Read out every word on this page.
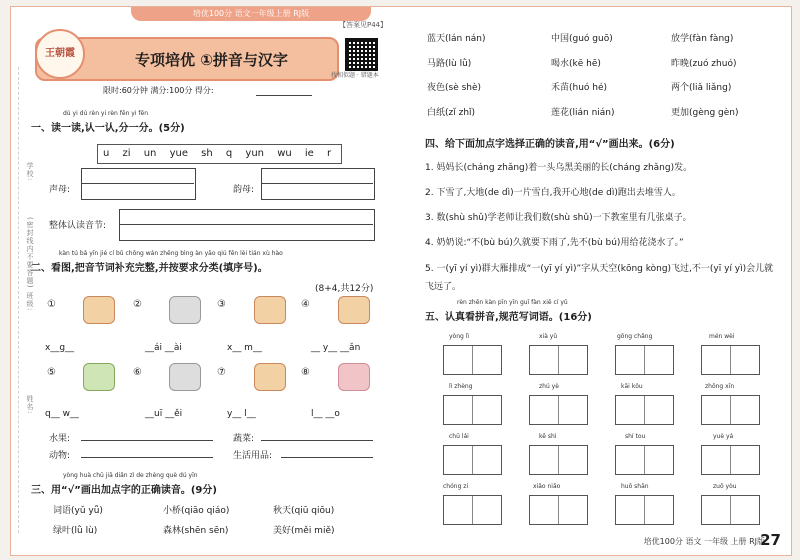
培优100分 语文一年级上册 RJ版
学校:
(密封线内不要答题)
班级:
姓名:
专项培优 ①拼音与汉字
王朝霞
【答案见P44】
找相似题 · 错题本
限时:60分钟 满分:100分 得分:
dú yi dú rèn yi rèn fēn yi fēn
一、读一读,认一认,分一分。(5分)
u zi un yue sh q yun wu ie r
声母:	韵母:
整体认读音节:
kàn tú bǎ yīn jié cí bǔ chōng wán zhěng bìng àn yāo qiú fēn lèi tián xù hào
二、看图,把音节词补充完整,并按要求分类(填序号)。
(8+4,共12分)
①	②	③	④
x__g__	__ái __ài	x__ m__	__ y__ __ǎn
⑤	⑥	⑦	⑧
q__ w__	__uī __ěi	y__ l__	l__ __o
水果:	蔬菜:
动物:	生活用品:
yòng huà chū jiā diǎn zì de zhèng què dú yīn
三、用“√”画出加点字的正确读音。(9分)
词语(yǔ yǚ)	小桥(qiāo qiáo)	秋天(qiū qiōu)
绿叶(lǜ lù)	森林(shēn sēn)	美好(měi miě)
蓝天(lán nán)	中国(guó guō)	放学(fàn fàng)
马路(lù lǜ)	喝水(kē hē)	昨晚(zuó zhuó)
夜色(sè shè)	禾苗(huó hé)	两个(liǎ liǎng)
白纸(zǐ zhǐ)	莲花(lián nián)	更加(gèng gèn)
四、给下面加点字选择正确的读音,用“√”画出来。(6分)
1. 妈妈长(cháng zhǎng)着一头乌黑美丽的长(cháng zhǎng)发。
2. 下雪了,大地(de dì)一片雪白,我开心地(de dì)跑出去堆雪人。
3. 数(shù shǔ)学老师让我们数(shù shǔ)一下教室里有几张桌子。
4. 奶奶说:“不(bù bú)久就要下雨了,先不(bù bú)用给花浇水了。”
5. 一(yī yí yì)群大雁排成“一(yī yí yì)”字从天空(kōng kòng)飞过,不一(yī yí yì)会儿就飞远了。
rèn zhēn kàn pīn yīn guī fàn xiě cí yǔ
五、认真看拼音,规范写词语。(16分)
yòng lì	xià yǔ	gōng chǎng	mén wèi
lì zhèng	zhú yè	kāi kǒu	zhōng xīn
chū lái	kě shì	shí tou	yuè yá
chóng zi	xiǎo niǎo	huǒ shān	zuǒ yòu
培优100分 语文 一年级 上册 RJ版
27
